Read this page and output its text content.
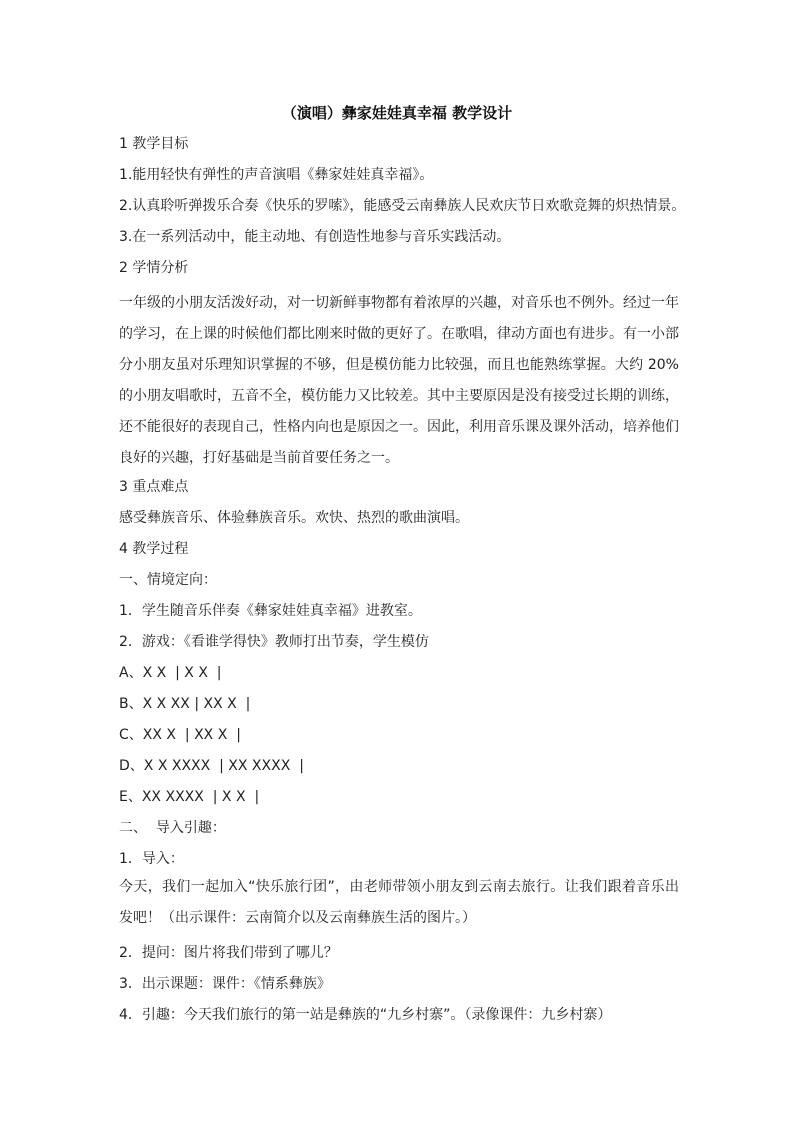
（演唱）彝家娃娃真幸福 教学设计
1 教学目标
1.能用轻快有弹性的声音演唱《彝家娃娃真幸福》。
2.认真聆听弹拨乐合奏《快乐的罗嗦》，能感受云南彝族人民欢庆节日欢歌竞舞的炽热情景。
3.在一系列活动中，能主动地、有创造性地参与音乐实践活动。
2 学情分析
一年级的小朋友活泼好动，对一切新鲜事物都有着浓厚的兴趣，对音乐也不例外。经过一年的学习，在上课的时候他们都比刚来时做的更好了。在歌唱，律动方面也有进步。有一小部分小朋友虽对乐理知识掌握的不够，但是模仿能力比较强，而且也能熟练掌握。大约 20%的小朋友唱歌时，五音不全，模仿能力又比较差。其中主要原因是没有接受过长期的训练，还不能很好的表现自己，性格内向也是原因之一。因此，利用音乐课及课外活动，培养他们良好的兴趣，打好基础是当前首要任务之一。
3 重点难点
感受彝族音乐、体验彝族音乐。欢快、热烈的歌曲演唱。
4 教学过程
一、情境定向：
1．学生随音乐伴奏《彝家娃娃真幸福》进教室。
2．游戏：《看谁学得快》教师打出节奏，学生模仿
A、X X  | X X  |
B、X X XX | XX X  |
C、XX X  | XX X  |
D、X X XXXX  | XX XXXX  |
E、XX XXXX  | X X  |
二、  导入引趣：
1．导入：
今天，我们一起加入“快乐旅行团”，由老师带领小朋友到云南去旅行。让我们跟着音乐出发吧！（出示课件：云南简介以及云南彝族生活的图片。）
2．提问：图片将我们带到了哪儿？
3．出示课题：课件：《情系彝族》
4．引趣：今天我们旅行的第一站是彝族的“九乡村寨”。（录像课件：九乡村寨）
